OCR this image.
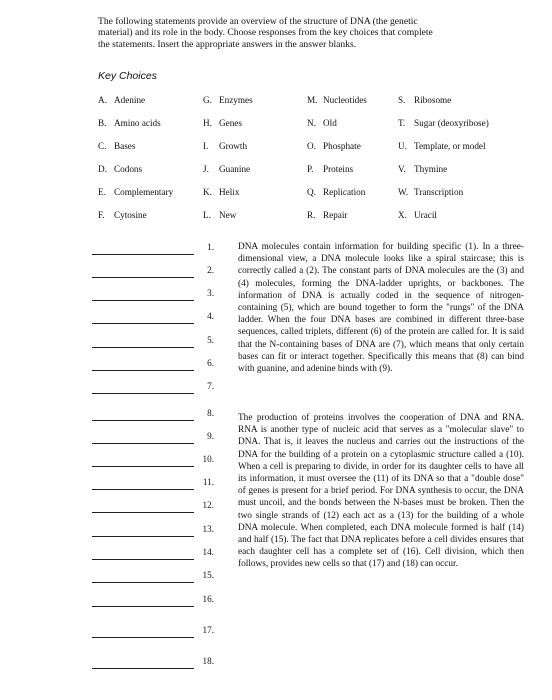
The following statements provide an overview of the structure of DNA (the genetic material) and its role in the body. Choose responses from the key choices that complete the statements. Insert the appropriate answers in the answer blanks.

Key Choices

A. Adenine
B. Amino acids
C. Bases
D. Codons
E. Complementary
F. Cytosine
G. Enzymes
H. Genes
I. Growth
J. Guanine
K. Helix
L. New
M. Nucleotides
N. Old
O. Phosphate
P. Proteins
Q. Replication
R. Repair
S. Ribosome
T. Sugar (deoxyribose)
U. Template, or model
V. Thymine
W. Transcription
X. Uracil
1.
2.
3.
4.
5.
6.
7.
8.
9.
10.
11.
12.
13.
14.
15.
16.
17.
18.

DNA molecules contain information for building specific (1). In a three-dimensional view, a DNA molecule looks like a spiral staircase; this is correctly called a (2). The constant parts of DNA molecules are the (3) and (4) molecules, forming the DNA-ladder uprights, or backbones. The information of DNA is actually coded in the sequence of nitrogen-containing (5), which are bound together to form the "rungs" of the DNA ladder. When the four DNA bases are combined in different three-base sequences, called triplets, different (6) of the protein are called for. It is said that the N-containing bases of DNA are (7), which means that only certain bases can fit or interact together. Specifically this means that (8) can bind with guanine, and adenine binds with (9).

The production of proteins involves the cooperation of DNA and RNA. RNA is another type of nucleic acid that serves as a "molecular slave" to DNA. That is, it leaves the nucleus and carries out the instructions of the DNA for the building of a protein on a cytoplasmic structure called a (10). When a cell is preparing to divide, in order for its daughter cells to have all its information, it must oversee the (11) of its DNA so that a "double dose" of genes is present for a brief period. For DNA synthesis to occur, the DNA must uncoil, and the bonds between the N-bases must be broken. Then the two single strands of (12) each act as a (13) for the building of a whole DNA molecule. When completed, each DNA molecule formed is half (14) and half (15). The fact that DNA replicates before a cell divides ensures that each daughter cell has a complete set of (16). Cell division, which then follows, provides new cells so that (17) and (18) can occur.
